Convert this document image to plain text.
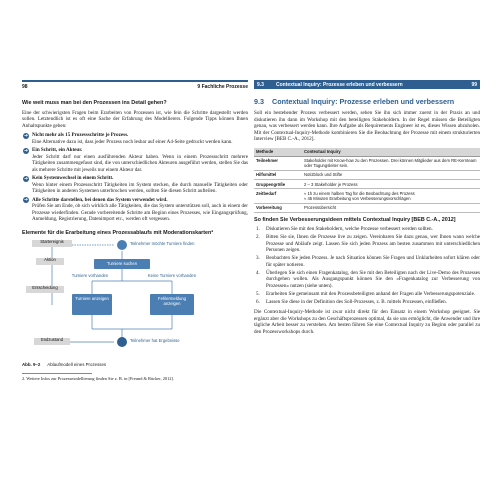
98	9 Fachliche Prozesse
Wie weit muss man bei den Prozessen ins Detail gehen?

Eine der schwierigsten Fragen beim Erarbeiten von Prozessen ist, wie fein die Schritte dargestellt werden sollen. Letztendlich ist es oft eine Sache der Erfahrung des Modellierers. Folgende Tipps können Ihnen Anhaltspunkte geben:

➜ Nicht mehr als 15 Prozessschritte je Prozess.
Eine Alternative dazu ist, dass jeder Prozess noch lesbar auf einer A4-Seite gedruckt werden kann.
➜ Ein Schritt, ein Akteur.
Jeder Schritt darf nur einen ausführenden Akteur haben. Wenn in einem Prozessschritt mehrere Tätigkeiten zusammengefasst sind, die von unterschiedlichen Akteuren ausgeführt werden, stellen Sie das als mehrere Schritte mit jeweils nur einem Akteur dar.
➜ Kein Systemwechsel in einem Schritt.
Wenn hinter einem Prozessschritt Tätigkeiten im System stecken, die durch manuelle Tätigkeiten oder Tätigkeiten in anderen Systemen unterbrochen werden, sollten Sie diesen Schritt aufteilen.
➜ Alle Schritte darstellen, bei denen das System verwendet wird.
Prüfen Sie am Ende, ob sich wirklich alle Tätigkeiten, die das System unterstützen soll, auch in einem der Prozesse wiederfinden. Gerade vorbereitende Schritte am Beginn eines Prozesses, wie Eingangsprüfung, Anmeldung, Registrierung, Datenimport etc., werden oft vergessen.
Elemente für die Erarbeitung eines Prozessablaufs mit Moderationskarten²
Startereignis	Teilnehmer möchte Turniere finden
Aktion
Turniere suchen
Turniere vorhanden	Keine Turniere vorhanden
Entscheidung
Turniere anzeigen	Fehlermeldung anzeigen
Endzustand	Teilnehmer hat Ergebnisse
Abb. 9–2 Ablaufmodell eines Prozesses
2. Weitere Infos zur Prozessmodellierung finden Sie z. B. in [Freund & Rücker, 2012].
9.3 Contextual Inquiry: Prozesse erleben und verbessern	99
9.3 Contextual Inquiry: Prozesse erleben und verbessern

Soll ein bestehender Prozess verbessert werden, sehen Sie ihn sich immer zuerst in der Praxis an und diskutieren ihn dann im Workshop mit den beteiligten Stakeholdern. In der Regel müssen die Beteiligten genau, was verbessert werden kann. Ihre Aufgabe als Requirements Engineer ist es, dieses Wissen abzuholen. Mit der Contextual-Inquiry-Methode kombinieren Sie die Beobachtung der Prozesse mit einem strukturierten Interview [BEB C.-A., 2012].

Methode	Contextual Inquiry
Teilnehmer	Stakeholder mit Know-how zu den Prozessen. Drei können Mitglieder aus dem RE-Kernteam oder Tagungsleiter sein.
Hilfsmittel	Notizblock und Stifte
Gruppengröße	2 – 3 Stakeholder je Prozess
Zeitbedarf	≈ 1h zu einem halben Tag für die Beobachtung des Prozess
≈ 45 Minuten Erarbeitung von Verbesserungsvorschlägen
Vorbereitung	Prozessübersicht
So finden Sie Verbesserungsideen mittels Contextual Inquiry [BEB C.-A., 2012]
1. Diskutieren Sie mit den Stakeholdern, welche Prozesse verbessert werden sollten.
2. Bitten Sie sie, Ihnen die Prozesse live zu zeigen. Vereinbaren Sie dazu genau, wer Ihnen wann welche Prozesse und Abläufe zeigt. Lassen Sie sich jeden Prozess am besten zusammen mit unterschiedlichen Personen zeigen.
3. Beobachten Sie jeden Prozess. Je nach Situation können Sie Fragen und Unklarheiten sofort klären oder für später notieren.
4. Überlegen Sie sich einen Fragenkatalog, den Sie mit den Beteiligten nach der Live-Demo des Prozesses durchgehen wollen. Als Ausgangspunkt können Sie den »Fragenkatalog zur Verbesserung von Prozessen« nutzen (siehe unten).
5. Erarbeiten Sie gemeinsam mit den Prozessbeteiligten anhand der Fragen alle Verbesserungspotenziale.
6. Lassen Sie diese in der Definition des Soll-Prozesses, z. B. mittels Prozessen, einfließen.

Die Contextual-Inquiry-Methode ist zwar nicht direkt für den Einsatz in einem Workshop geeignet. Sie ergänzt aber die Workshops zu den Geschäftsprozessen optimal, da sie uns ermöglicht, die Anwender und ihre tägliche Arbeit besser zu verstehen. Am besten führen Sie eine Contextual Inquiry zu Beginn oder parallel zu den Prozessworkshops durch.
